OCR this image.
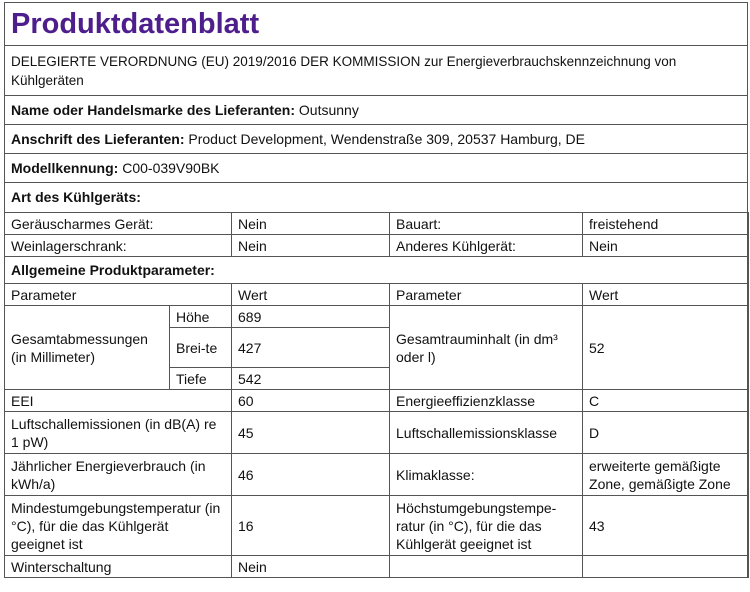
Produktdatenblatt
DELEGIERTE VERORDNUNG (EU) 2019/2016 DER KOMMISSION zur Energieverbrauchskennzeichnung von Kühlgeräten
Name oder Handelsmarke des Lieferanten: Outsunny
Anschrift des Lieferanten: Product Development, Wendenstraße 309, 20537 Hamburg, DE
Modellkennung: C00-039V90BK
Art des Kühlgeräts:
Geräuscharmes Gerät:		Nein	Bauart:	freistehend
Weinlagerschrank:		Nein	Anderes Kühlgerät:	Nein
Allgemeine Produktparameter:				
Parameter		Wert	Parameter	Wert
Gesamtabmessungen (in Millimeter)	Höhe	689	Gesamtrauminhalt (in dm³ oder l)	52
	Brei-te	427		
	Tiefe	542		
EEI		60	Energieeffizienzklasse	C
Luftschallemissionen (in dB(A) re 1 pW)		45	Luftschallemissionsklasse	D
Jährlicher Energieverbrauch (in kWh/a)		46	Klimaklasse:	erweiterte gemäßigte Zone, gemäßigte Zone
Mindestumgebungstemperatur (in °C), für die das Kühlgerät geeignet ist		16	Höchstumgebungstempe-ratur (in °C), für die das Kühlgerät geeignet ist	43
Winterschaltung		Nein		
